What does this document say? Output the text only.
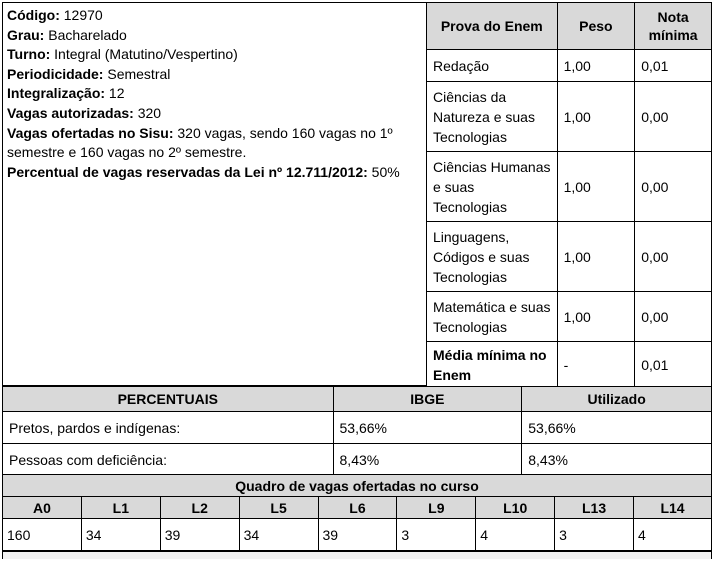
Código: 12970
Grau: Bacharelado
Turno: Integral (Matutino/Vespertino)
Periodicidade: Semestral
Integralização: 12
Vagas autorizadas: 320
Vagas ofertadas no Sisu: 320 vagas, sendo 160 vagas no 1º semestre e 160 vagas no 2º semestre.
Percentual de vagas reservadas da Lei nº 12.711/2012: 50%
Prova do Enem	Peso	Nota mínima
Redação	1,00	0,01
Ciências da Natureza e suas Tecnologias	1,00	0,00
Ciências Humanas e suas Tecnologias	1,00	0,00
Linguagens, Códigos e suas Tecnologias	1,00	0,00
Matemática e suas Tecnologias	1,00	0,00
Média mínima no Enem	-	0,01
PERCENTUAIS	IBGE	Utilizado
Pretos, pardos e indígenas:	53,66%	53,66%
Pessoas com deficiência:	8,43%	8,43%
Quadro de vagas ofertadas no curso								
A0	L1	L2	L5	L6	L9	L10	L13	L14
160	34	39	34	39	3	4	3	4
